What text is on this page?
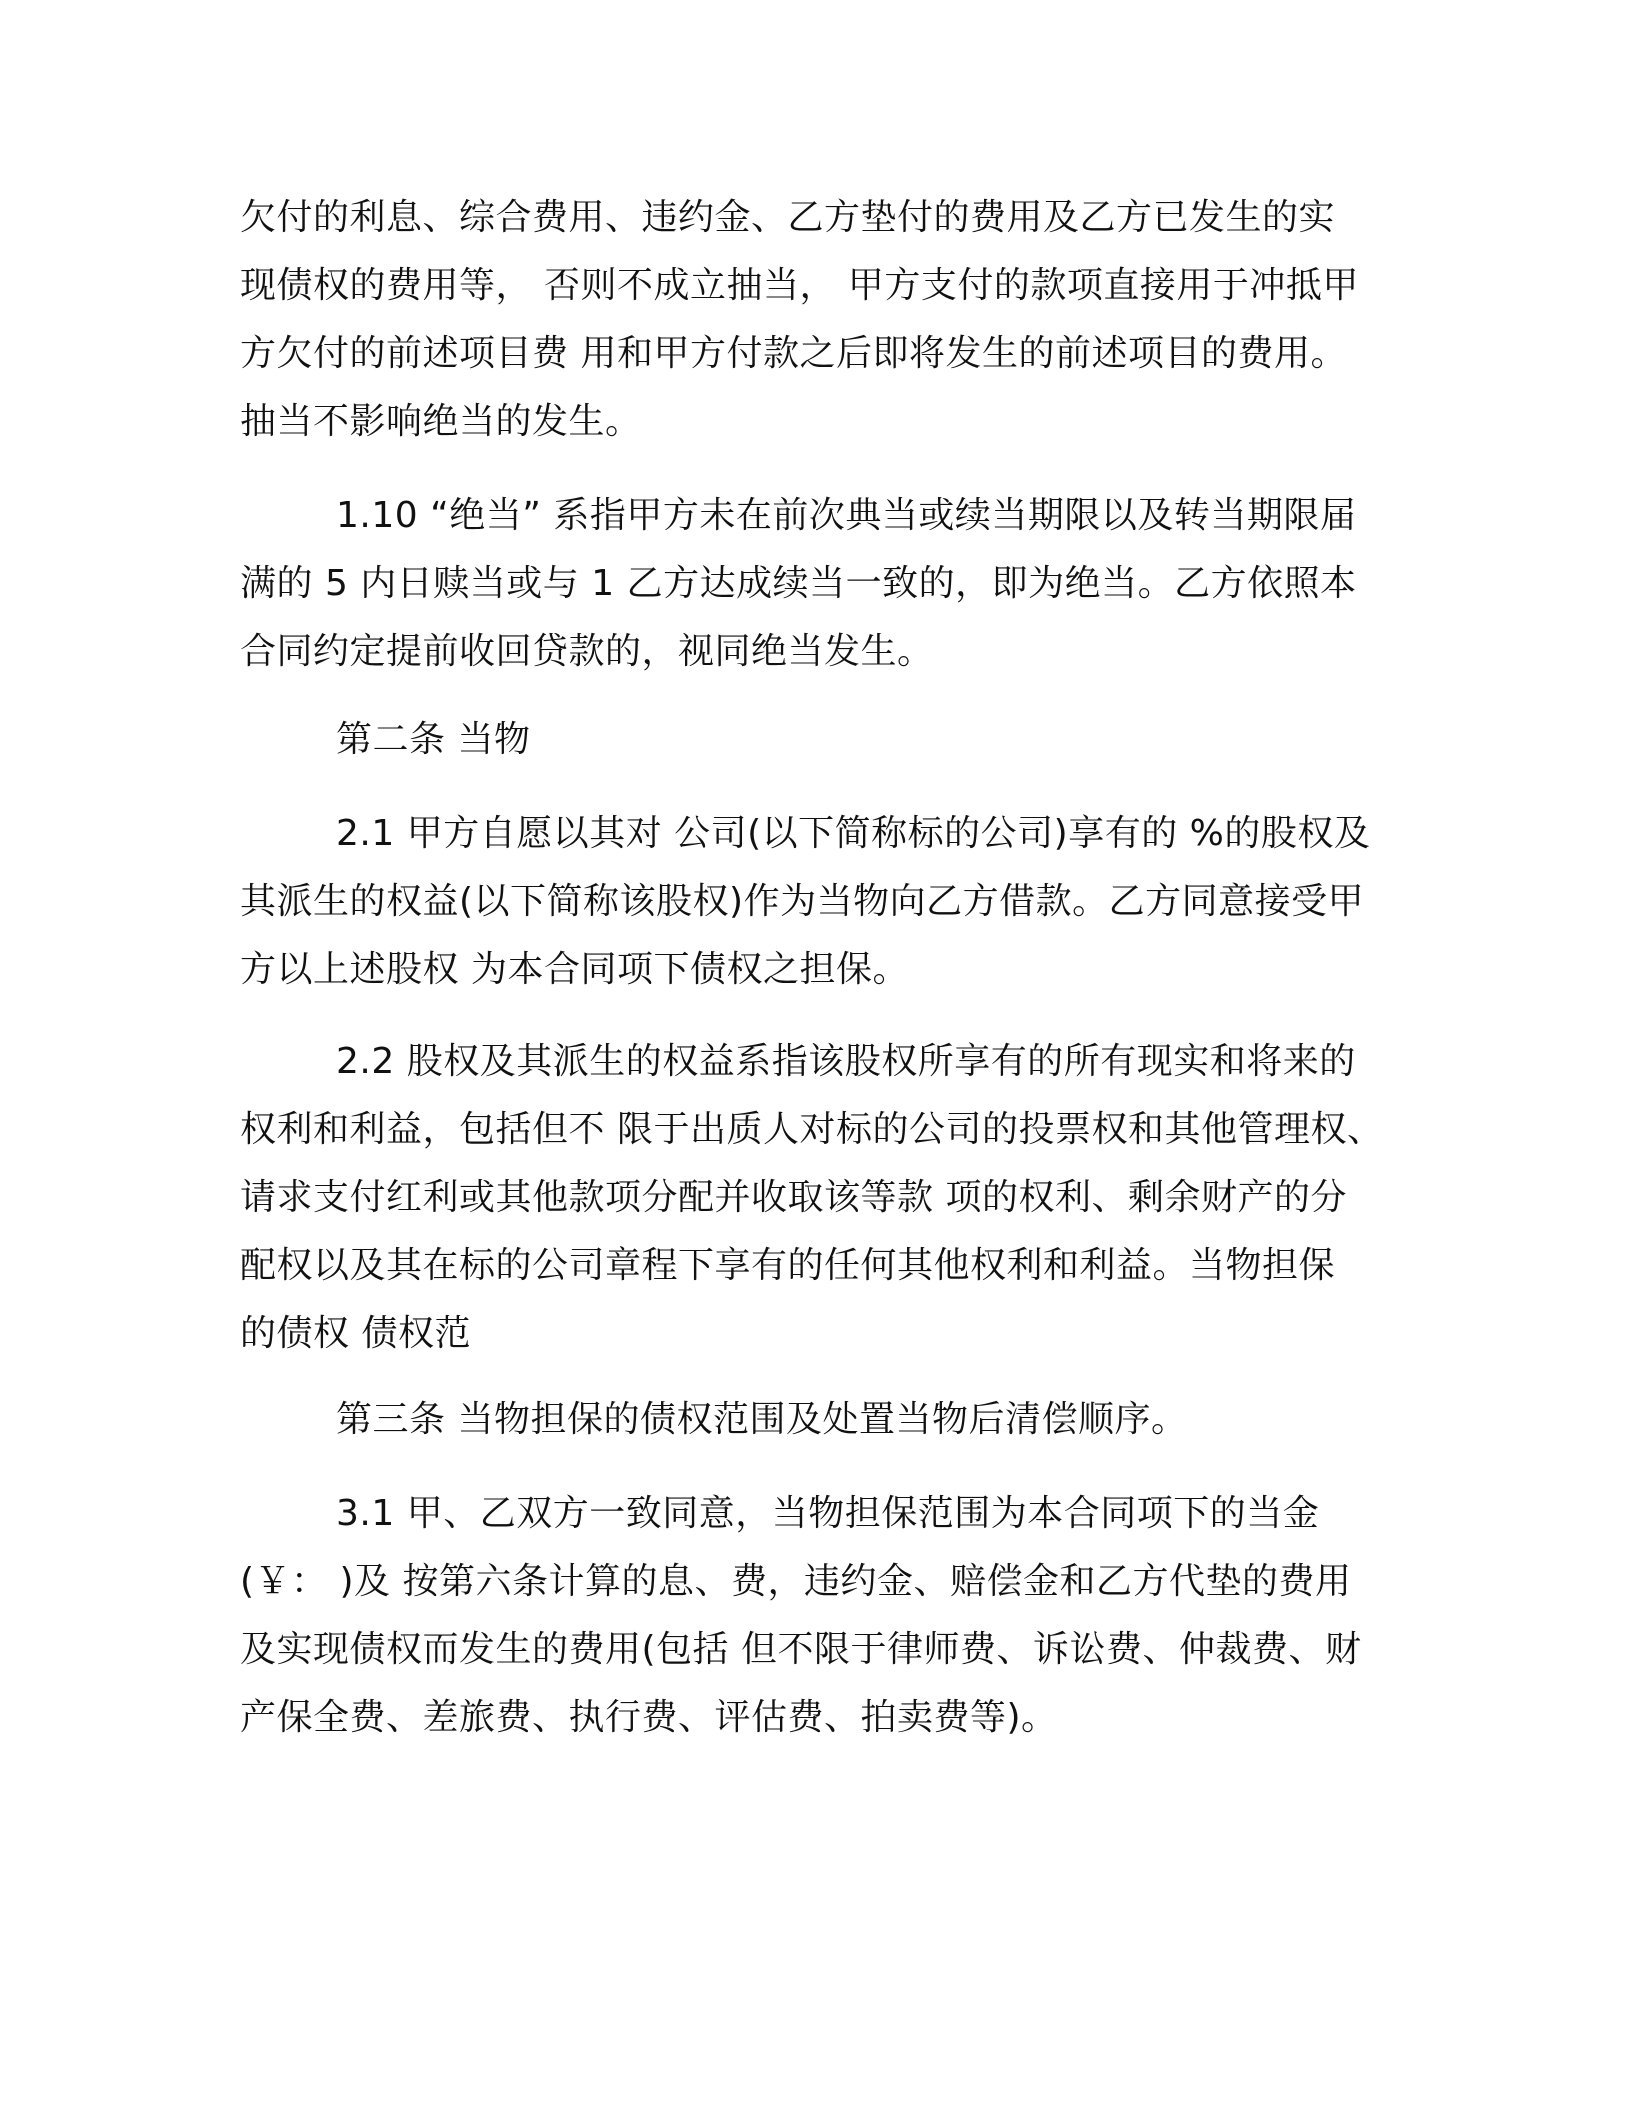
欠付的利息、综合费用、违约金、乙方垫付的费用及乙方已发生的实
现债权的费用等， 否则不成立抽当， 甲方支付的款项直接用于冲抵甲
方欠付的前述项目费 用和甲方付款之后即将发生的前述项目的费用。
抽当不影响绝当的发生。
1.10 “绝当” 系指甲方未在前次典当或续当期限以及转当期限届
满的 5 内日赎当或与 1 乙方达成续当一致的，即为绝当。乙方依照本
合同约定提前收回贷款的，视同绝当发生。
第二条 当物
2.1 甲方自愿以其对 公司(以下简称标的公司)享有的 %的股权及
其派生的权益(以下简称该股权)作为当物向乙方借款。乙方同意接受甲
方以上述股权 为本合同项下债权之担保。
2.2 股权及其派生的权益系指该股权所享有的所有现实和将来的
权利和利益，包括但不 限于出质人对标的公司的投票权和其他管理权、
请求支付红利或其他款项分配并收取该等款 项的权利、剩余财产的分
配权以及其在标的公司章程下享有的任何其他权利和利益。当物担保
的债权 债权范
第三条 当物担保的债权范围及处置当物后清偿顺序。
3.1 甲、乙双方一致同意，当物担保范围为本合同项下的当金
(￥： )及 按第六条计算的息、费，违约金、赔偿金和乙方代垫的费用
及实现债权而发生的费用(包括 但不限于律师费、诉讼费、仲裁费、财
产保全费、差旅费、执行费、评估费、拍卖费等)。
